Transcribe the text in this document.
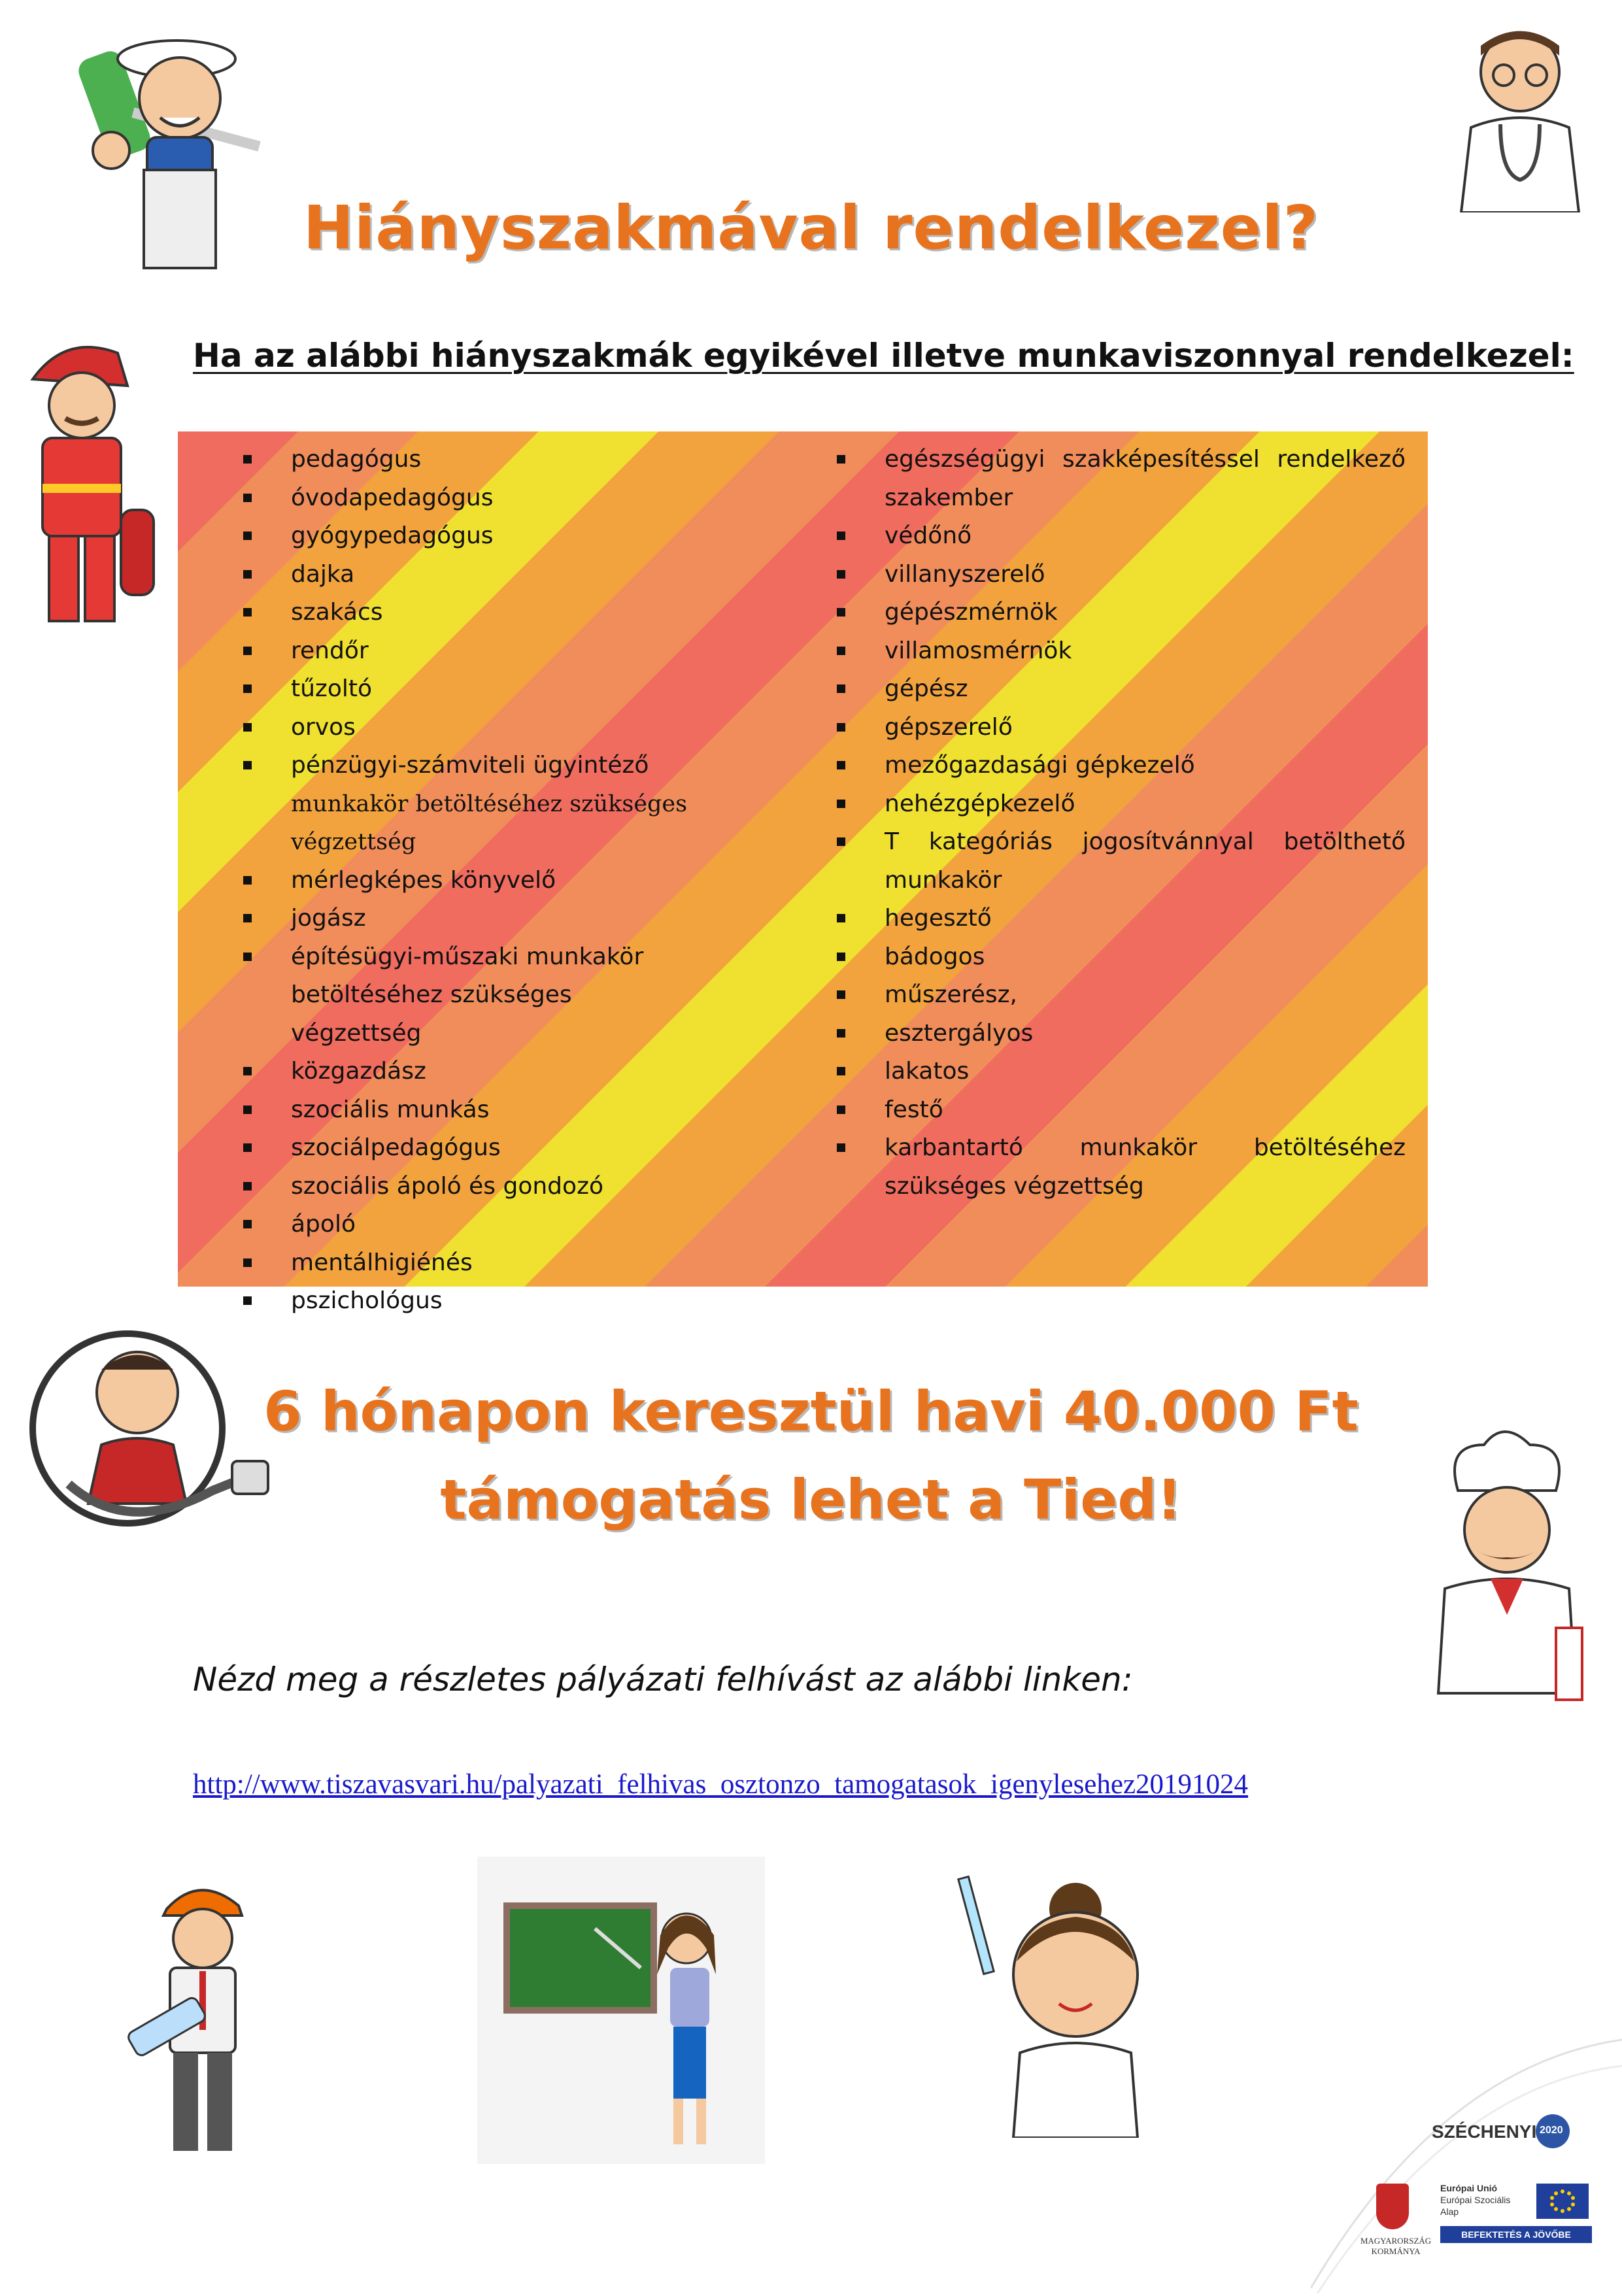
Hiányszakmával rendelkezel?
Ha az alábbi hiányszakmák egyikével illetve munkaviszonnyal rendelkezel:
pedagógus
óvodapedagógus
gyógypedagógus
dajka
szakács
rendőr
tűzoltó
orvos
pénzügyi-számviteli ügyintéző munkakör betöltéséhez szükséges végzettség
mérlegképes könyvelő
jogász
építésügyi-műszaki munkakör betöltéséhez szükséges végzettség
közgazdász
szociális munkás
szociálpedagógus
szociális ápoló és gondozó
ápoló
mentálhigiénés
pszichológus
egészségügyi szakképesítéssel rendelkező szakember
védőnő
villanyszerelő
gépészmérnök
villamosmérnök
gépész
gépszerelő
mezőgazdasági gépkezelő
nehézgépkezelő
T kategóriás jogosítvánnyal betölthető munkakör
hegesztő
bádogos
műszerész,
esztergályos
lakatos
festő
karbantartó munkakör betöltéséhez szükséges végzettség
6 hónapon keresztül havi 40.000 Ft
támogatás lehet a Tied!
Nézd meg a részletes pályázati felhívást az alábbi linken:
http://www.tiszavasvari.hu/palyazati_felhivas_osztonzo_tamogatasok_igenylesehez20191024
SZÉCHENYI 2020
MAGYARORSZÁG
KORMÁNYA
Európai Unió
Európai Szociális
Alap
BEFEKTETÉS A JÖVŐBE
